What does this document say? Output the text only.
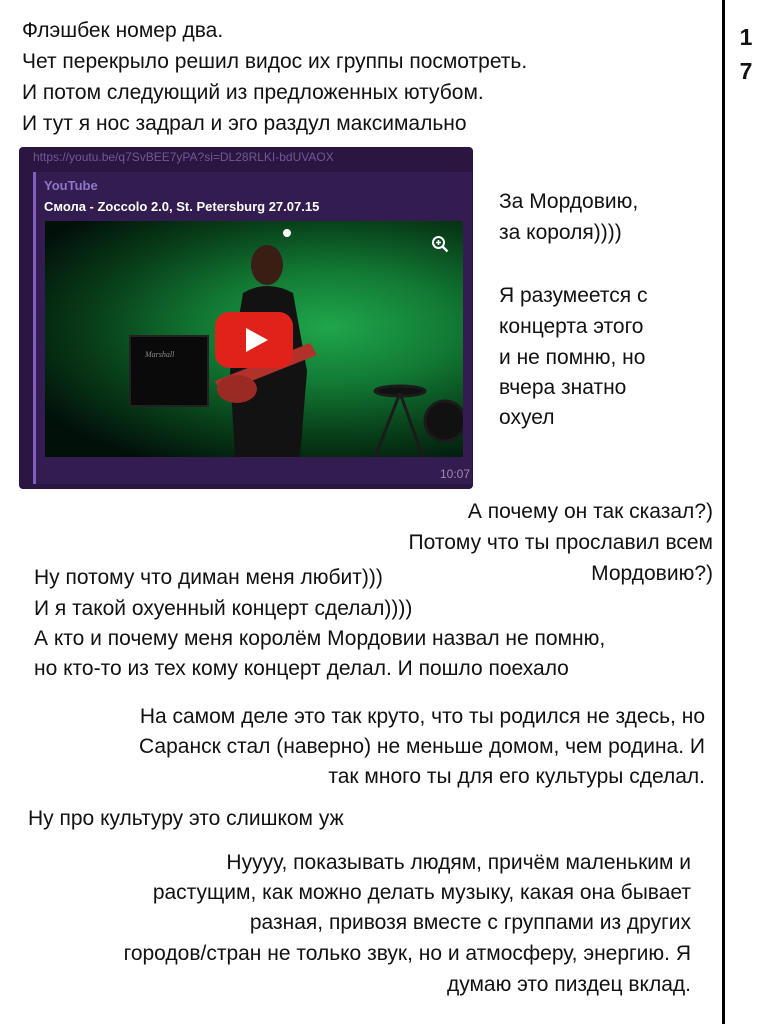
1
7
Флэшбек номер два.
Чет перекрыло решил видос их группы посмотреть.
И потом следующий из предложенных ютубом.
И тут я нос задрал и эго раздул максимально
https://youtu.be/q7SvBEE7yPA?si=DL28RLKI-bdUVAOX
YouTube
Смола - Zoccolo 2.0, St. Petersburg 27.07.15
Marshall
10:07
За Мордовию,
за короля))))
Я разумеется с
концерта этого
и не помню, но
вчера знатно
охуел
А почему он так сказал?)
Потому что ты прославил всем
Мордовию?)
Ну потому что диман меня любит)))
И я такой охуенный концерт сделал))))
А кто и почему меня королём Мордовии назвал не помню,
но кто-то из тех кому концерт делал. И пошло поехало
На самом деле это так круто, что ты родился не здесь, но
Саранск стал (наверно) не меньше домом, чем родина. И
так много ты для его культуры сделал.
Ну про культуру это слишком уж
Нуууу, показывать людям, причём маленьким и
растущим, как можно делать музыку, какая она бывает
разная, привозя вместе с группами из других
городов/стран не только звук, но и атмосферу, энергию. Я
думаю это пиздец вклад.
